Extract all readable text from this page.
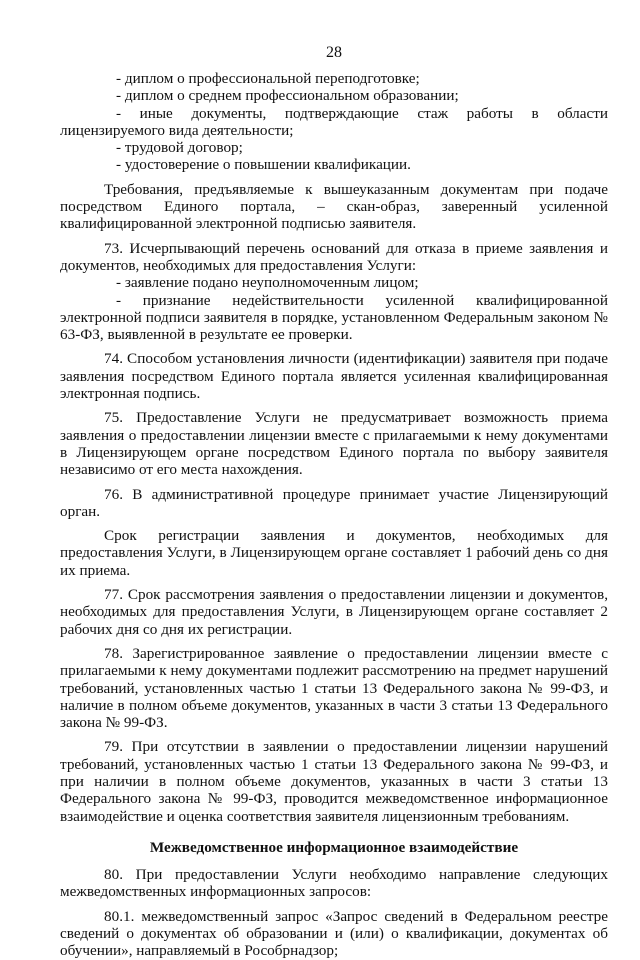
28
- диплом о профессиональной переподготовке;
- диплом о среднем профессиональном образовании;
- иные документы, подтверждающие стаж работы в области лицензируемого вида деятельности;
- трудовой договор;
- удостоверение о повышении квалификации.
Требования, предъявляемые к вышеуказанным документам при подаче посредством Единого портала, – скан-образ, заверенный усиленной квалифицированной электронной подписью заявителя.
73. Исчерпывающий перечень оснований для отказа в приеме заявления и документов, необходимых для предоставления Услуги:
- заявление подано неуполномоченным лицом;
- признание недействительности усиленной квалифицированной электронной подписи заявителя в порядке, установленном Федеральным законом № 63-ФЗ, выявленной в результате ее проверки.
74. Способом установления личности (идентификации) заявителя при подаче заявления посредством Единого портала является усиленная квалифицированная электронная подпись.
75. Предоставление Услуги не предусматривает возможность приема заявления о предоставлении лицензии вместе с прилагаемыми к нему документами в Лицензирующем органе посредством Единого портала по выбору заявителя независимо от его места нахождения.
76. В административной процедуре принимает участие Лицензирующий орган.
Срок регистрации заявления и документов, необходимых для предоставления Услуги, в Лицензирующем органе составляет 1 рабочий день со дня их приема.
77. Срок рассмотрения заявления о предоставлении лицензии и документов, необходимых для предоставления Услуги, в Лицензирующем органе составляет 2 рабочих дня со дня их регистрации.
78. Зарегистрированное заявление о предоставлении лицензии вместе с прилагаемыми к нему документами подлежит рассмотрению на предмет нарушений требований, установленных частью 1 статьи 13 Федерального закона № 99-ФЗ, и наличие в полном объеме документов, указанных в части 3 статьи 13 Федерального закона № 99-ФЗ.
79. При отсутствии в заявлении о предоставлении лицензии нарушений требований, установленных частью 1 статьи 13 Федерального закона № 99-ФЗ, и при наличии в полном объеме документов, указанных в части 3 статьи 13 Федерального закона № 99-ФЗ, проводится межведомственное информационное взаимодействие и оценка соответствия заявителя лицензионным требованиям.
Межведомственное информационное взаимодействие
80. При предоставлении Услуги необходимо направление следующих межведомственных информационных запросов:
80.1. межведомственный запрос «Запрос сведений в Федеральном реестре сведений о документах об образовании и (или) о квалификации, документах об обучении», направляемый в Рособрнадзор;
